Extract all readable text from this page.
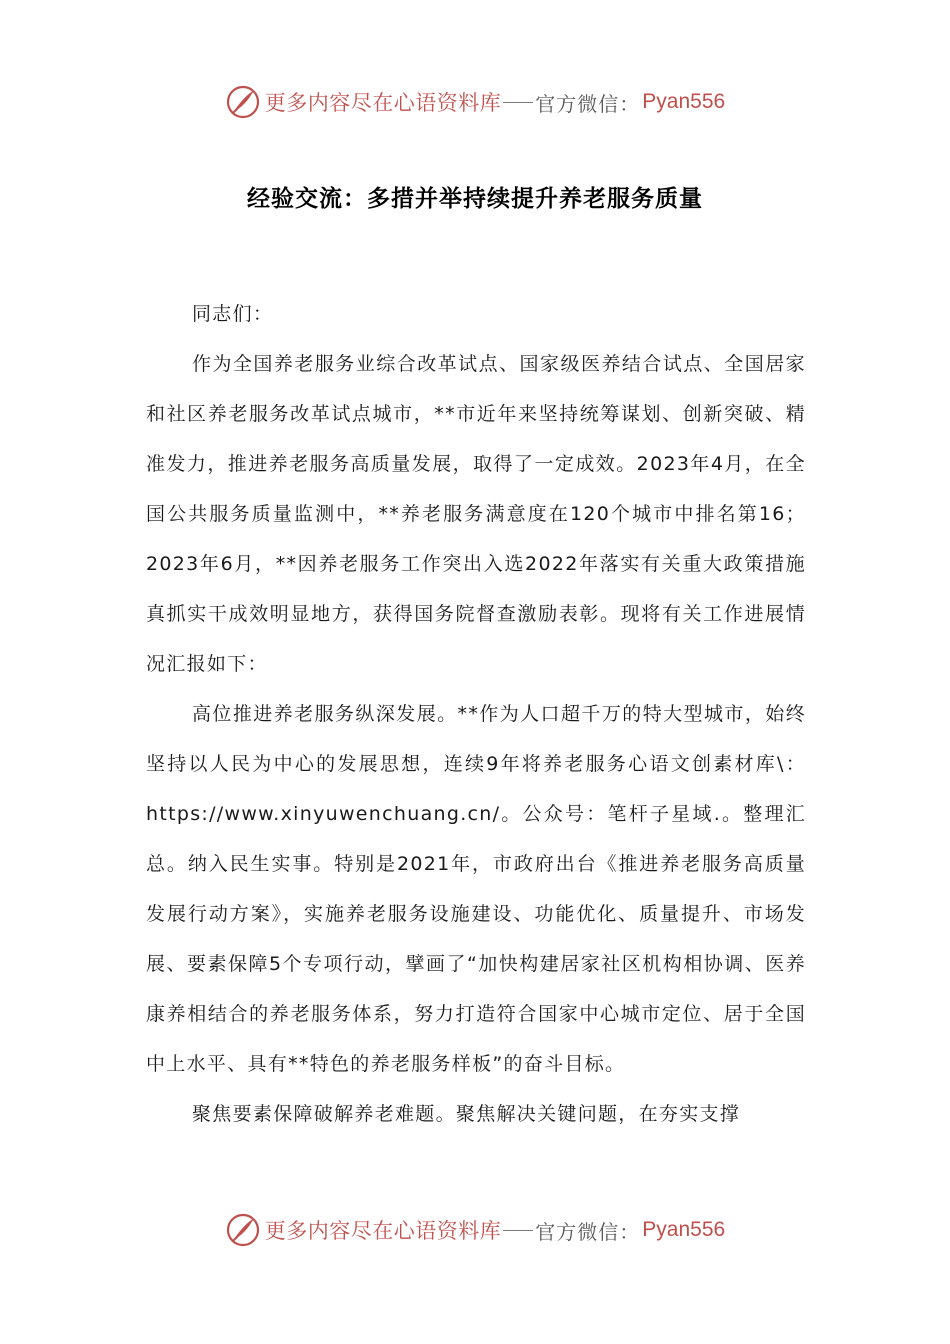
更多内容尽在心语资料库 官方微信： Pyan556
经验交流：多措并举持续提升养老服务质量

同志们：

作为全国养老服务业综合改革试点、国家级医养结合试点、全国居家和社区养老服务改革试点城市，**市近年来坚持统筹谋划、创新突破、精准发力，推进养老服务高质量发展，取得了一定成效。2023年4月，在全国公共服务质量监测中，**养老服务满意度在120个城市中排名第16；2023年6月，**因养老服务工作突出入选2022年落实有关重大政策措施真抓实干成效明显地方，获得国务院督查激励表彰。现将有关工作进展情况汇报如下：

高位推进养老服务纵深发展。**作为人口超千万的特大型城市，始终坚持以人民为中心的发展思想，连续9年将养老服务心语文创素材库\：https://www.xinyuwenchuang.cn/。公众号：笔杆子星域.。整理汇总。纳入民生实事。特别是2021年，市政府出台《推进养老服务高质量发展行动方案》，实施养老服务设施建设、功能优化、质量提升、市场发展、要素保障5个专项行动，擘画了“加快构建居家社区机构相协调、医养康养相结合的养老服务体系，努力打造符合国家中心城市定位、居于全国中上水平、具有**特色的养老服务样板”的奋斗目标。

聚焦要素保障破解养老难题。聚焦解决关键问题，在夯实支撑

更多内容尽在心语资料库 官方微信： Pyan556
